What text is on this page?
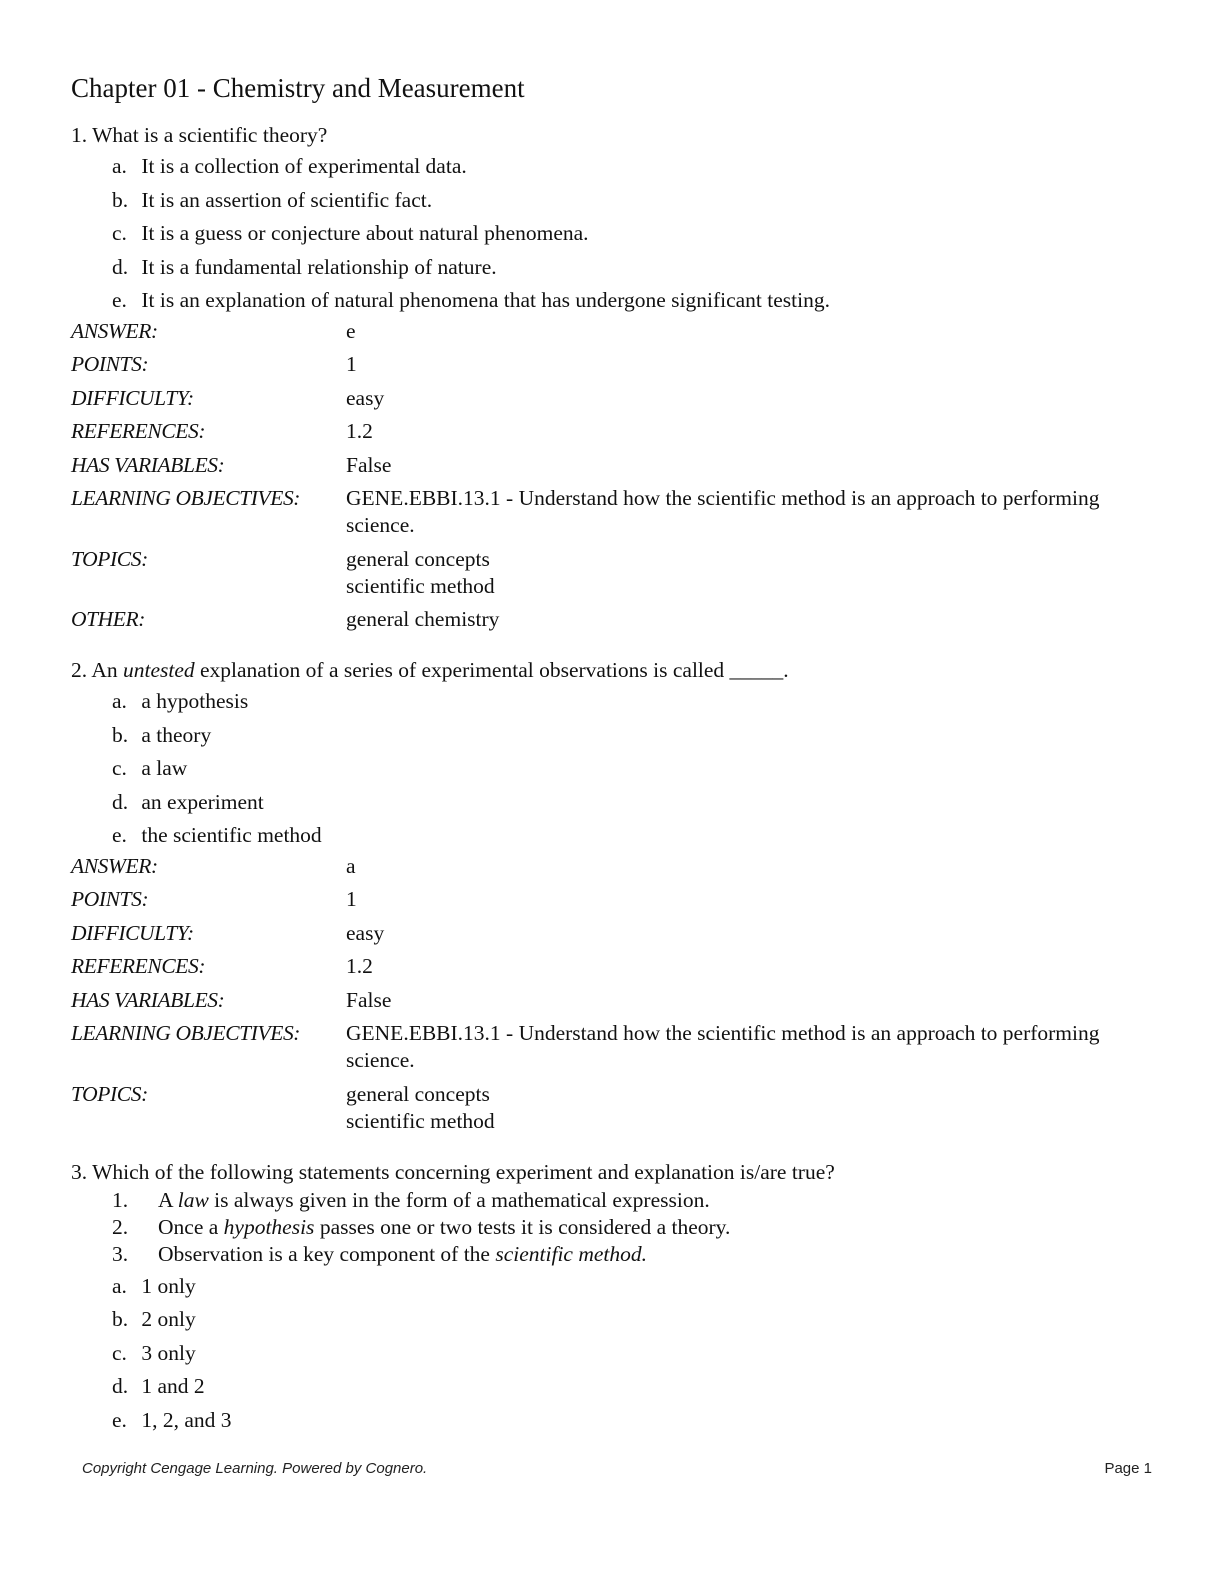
Chapter 01 - Chemistry and Measurement
1. What is a scientific theory?
a. It is a collection of experimental data.
b. It is an assertion of scientific fact.
c. It is a guess or conjecture about natural phenomena.
d. It is a fundamental relationship of nature.
e. It is an explanation of natural phenomena that has undergone significant testing.
ANSWER:	e
POINTS:	1
DIFFICULTY:	easy
REFERENCES:	1.2
HAS VARIABLES:	False
LEARNING OBJECTIVES:	GENE.EBBI.13.1 - Understand how the scientific method is an approach to performing science.
TOPICS:	general concepts
scientific method
OTHER:	general chemistry
2. An untested explanation of a series of experimental observations is called _____.
a. a hypothesis
b. a theory
c. a law
d. an experiment
e. the scientific method
ANSWER:	a
POINTS:	1
DIFFICULTY:	easy
REFERENCES:	1.2
HAS VARIABLES:	False
LEARNING OBJECTIVES:	GENE.EBBI.13.1 - Understand how the scientific method is an approach to performing science.
TOPICS:	general concepts
scientific method
3. Which of the following statements concerning experiment and explanation is/are true?
1.	A law is always given in the form of a mathematical expression.
2.	Once a hypothesis passes one or two tests it is considered a theory.
3.	Observation is a key component of the scientific method.
a. 1 only
b. 2 only
c. 3 only
d. 1 and 2
e. 1, 2, and 3
Copyright Cengage Learning. Powered by Cognero.	Page 1
